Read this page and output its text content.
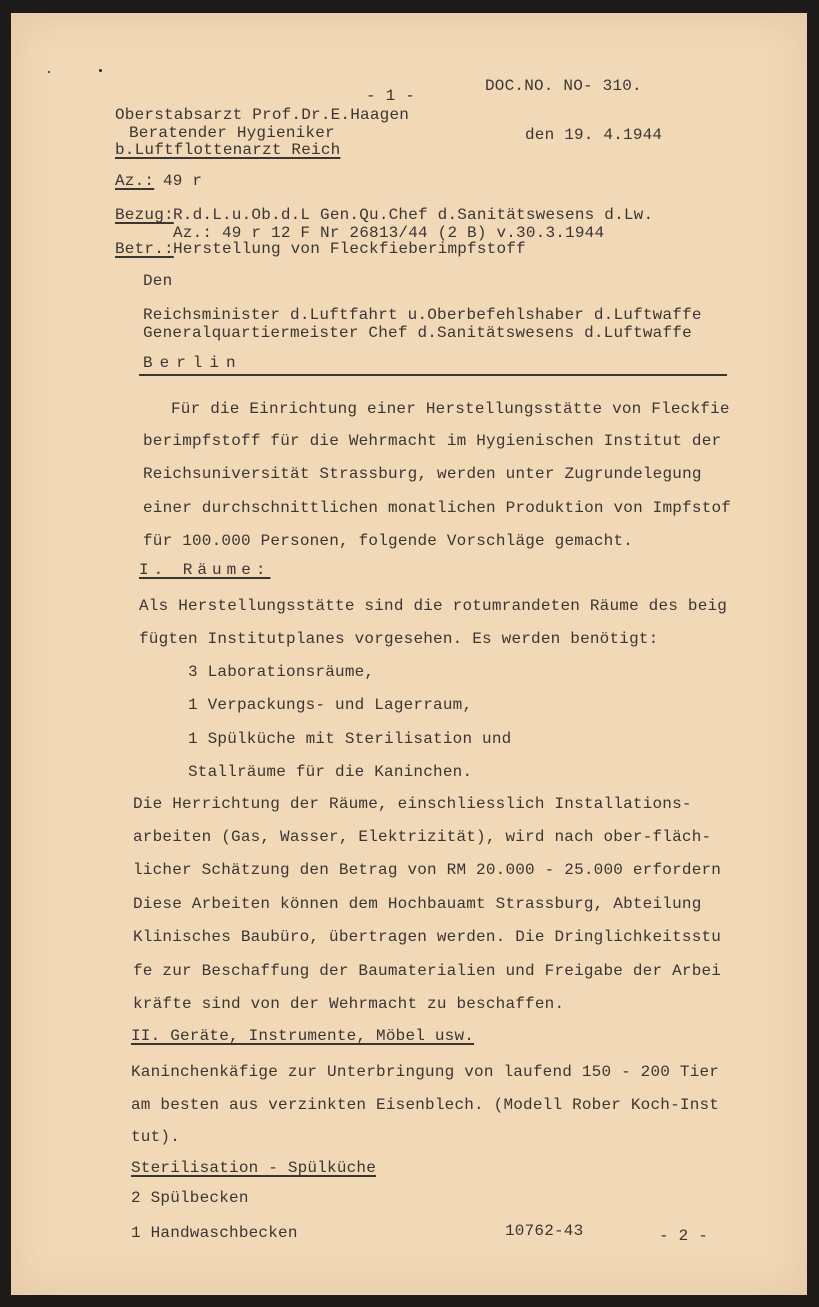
- 1 -
DOC.NO. NO- 310.
Oberstabsarzt Prof.Dr.E.Haagen
Beratender Hygieniker
b.Luftflottenarzt Reich
den 19. 4.1944
Az.: 49 r
Bezug: R.d.L.u.Ob.d.L Gen.Qu.Chef d.Sanitätswesens d.Lw.
Az.: 49 r 12 F Nr 26813/44 (2 B) v.30.3.1944
Betr.: Herstellung von Fleckfieberimpfstoff
Den
Reichsminister d.Luftfahrt u.Oberbefehlshaber d.Luftwaffe
Generalquartiermeister Chef d.Sanitätswesens d.Luftwaffe
Berlin
Für die Einrichtung einer Herstellungsstätte von Fleckfie
berimpfstoff für die Wehrmacht im Hygienischen Institut der
Reichsuniversität Strassburg, werden unter Zugrundelegung
einer durchschnittlichen monatlichen Produktion von Impfstof
für 100.000 Personen, folgende Vorschläge gemacht.
I. Räume:
Als Herstellungsstätte sind die rotumrandeten Räume des beig
fügten Institutplanes vorgesehen. Es werden benötigt:
3 Laborationsräume,
1 Verpackungs- und Lagerraum,
1 Spülküche mit Sterilisation und
Stallräume für die Kaninchen.
Die Herrichtung der Räume, einschliesslich Installations-
arbeiten (Gas, Wasser, Elektrizität), wird nach ober-fläch-
licher Schätzung den Betrag von RM 20.000 - 25.000 erfordern
Diese Arbeiten können dem Hochbauamt Strassburg, Abteilung
Klinisches Baubüro, übertragen werden. Die Dringlichkeitsstu
fe zur Beschaffung der Baumaterialien und Freigabe der Arbei
kräfte sind von der Wehrmacht zu beschaffen.
II. Geräte, Instrumente, Möbel usw.
Kaninchenkäfige zur Unterbringung von laufend 150 - 200 Tier
am besten aus verzinkten Eisenblech. (Modell Rober Koch-Inst
tut).
Sterilisation - Spülküche
2 Spülbecken
1 Handwaschbecken	10762-43	- 2 -
